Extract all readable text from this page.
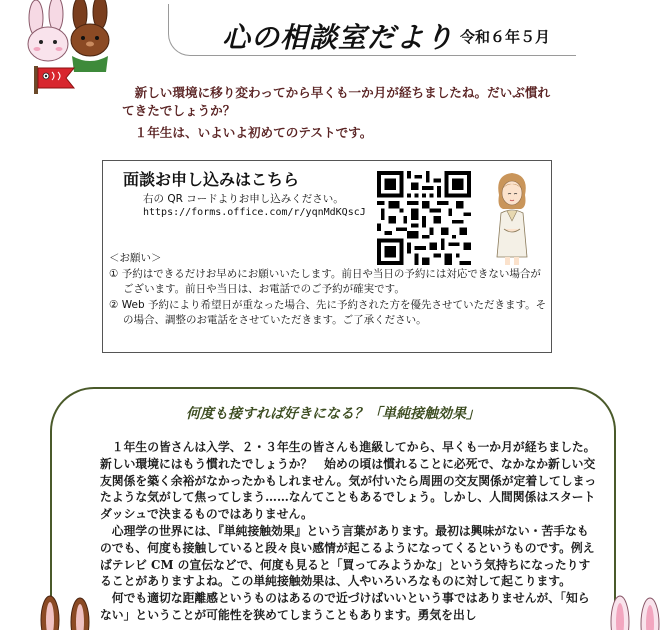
心の相談室だより 令和６年５月

新しい環境に移り変わってから早くも一か月が経ちましたね。だいぶ慣れてきたでしょうか？

１年生は、いよいよ初めてのテストです。

面談お申し込みはこちら
右の QR コードよりお申し込みください。
https://forms.office.com/r/yqnMdKQscJ
＜お願い＞
① 予約はできるだけお早めにお願いいたします。前日や当日の予約には対応できない場合がございます。前日や当日は、お電話でのご予約が確実です。
② Web 予約により希望日が重なった場合、先に予約された方を優先させていただきます。その場合、調整のお電話をさせていただきます。ご了承ください。
何度も接すれば好きになる？「単純接触効果」

１年生の皆さんは入学、２・３年生の皆さんも進級してから、早くも一か月が経ちました。新しい環境にはもう慣れたでしょうか？　始めの頃は慣れることに必死で、なかなか新しい交友関係を築く余裕がなかったかもしれません。気が付いたら周囲の交友関係が定着してしまったような気がして焦ってしまう……なんてこともあるでしょう。しかし、人間関係はスタートダッシュで決まるものではありません。

心理学の世界には、『単純接触効果』という言葉があります。最初は興味がない・苦手なものでも、何度も接触していると段々良い感情が起こるようになってくるというものです。例えばテレビ CM の宣伝などで、何度も見ると「買ってみようかな」という気持ちになったりすることがありますよね。この単純接触効果は、人やいろいろなものに対して起こります。

何でも適切な距離感というものはあるので近づけばいいという事ではありませんが、「知らない」ということが可能性を狭めてしまうこともあります。勇気を出し
